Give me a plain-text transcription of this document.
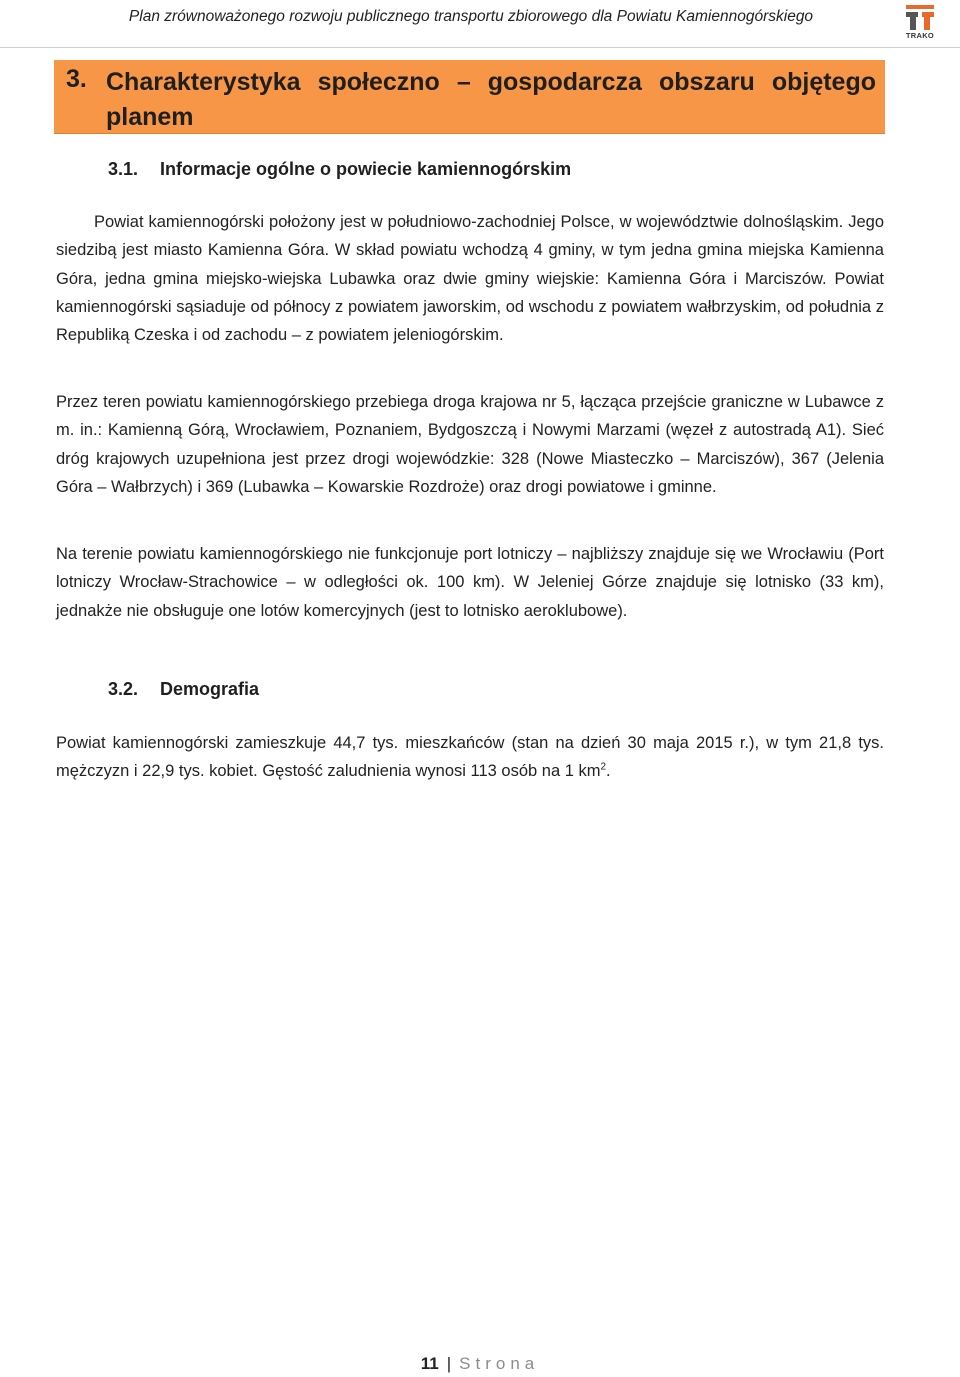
Plan zrównoważonego rozwoju publicznego transportu zbiorowego dla Powiatu Kamiennogórskiego
TRAKO
3. Charakterystyka społeczno – gospodarcza obszaru objętego planem
3.1. Informacje ogólne o powiecie kamiennogórskim

Powiat kamiennogórski położony jest w południowo-zachodniej Polsce, w województwie dolnośląskim. Jego siedzibą jest miasto Kamienna Góra. W skład powiatu wchodzą 4 gminy, w tym jedna gmina miejska Kamienna Góra, jedna gmina miejsko-wiejska Lubawka oraz dwie gminy wiejskie: Kamienna Góra i Marciszów. Powiat kamiennogórski sąsiaduje od północy z powiatem jaworskim, od wschodu z powiatem wałbrzyskim, od południa z Republiką Czeska i od zachodu – z powiatem jeleniogórskim.

Przez teren powiatu kamiennogórskiego przebiega droga krajowa nr 5, łącząca przejście graniczne w Lubawce z m. in.: Kamienną Górą, Wrocławiem, Poznaniem, Bydgoszczą i Nowymi Marzami (węzeł z autostradą A1). Sieć dróg krajowych uzupełniona jest przez drogi wojewódzkie: 328 (Nowe Miasteczko – Marciszów), 367 (Jelenia Góra – Wałbrzych) i 369 (Lubawka – Kowarskie Rozdroże) oraz drogi powiatowe i gminne.

Na terenie powiatu kamiennogórskiego nie funkcjonuje port lotniczy – najbliższy znajduje się we Wrocławiu (Port lotniczy Wrocław-Strachowice – w odległości ok. 100 km). W Jeleniej Górze znajduje się lotnisko (33 km), jednakże nie obsługuje one lotów komercyjnych (jest to lotnisko aeroklubowe).

3.2. Demografia

Powiat kamiennogórski zamieszkuje 44,7 tys. mieszkańców (stan na dzień 30 maja 2015 r.), w tym 21,8 tys. mężczyzn i 22,9 tys. kobiet. Gęstość zaludnienia wynosi 113 osób na 1 $km^2$.

11 | Strona
